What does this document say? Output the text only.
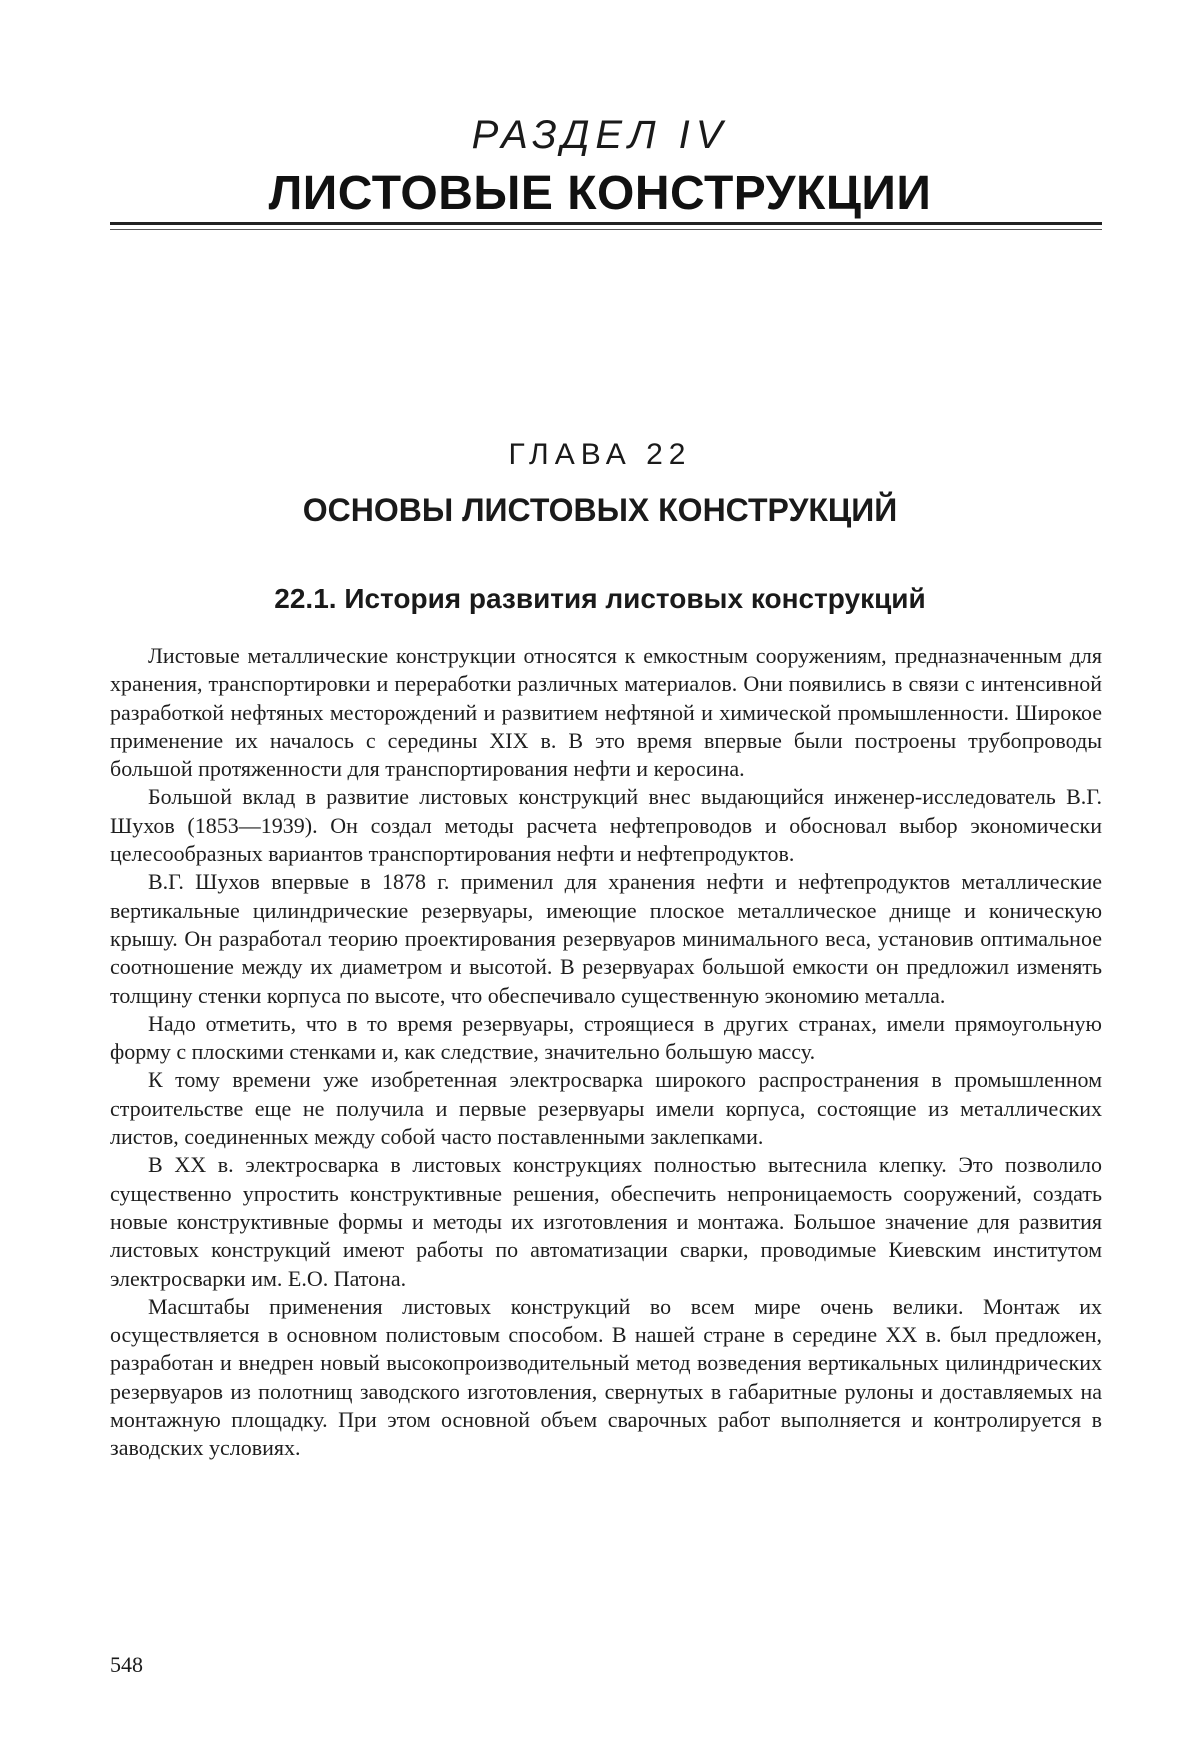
РАЗДЕЛ IV
ЛИСТОВЫЕ КОНСТРУКЦИИ
ГЛАВА 22
ОСНОВЫ ЛИСТОВЫХ КОНСТРУКЦИЙ
22.1. История развития листовых конструкций

Листовые металлические конструкции относятся к емкостным сооружениям, предназначенным для хранения, транспортировки и переработки различных материалов. Они появились в связи с интенсивной разработкой нефтяных месторождений и развитием нефтяной и химической промышленности. Широкое применение их началось с середины XIX в. В это время впервые были построены трубопроводы большой протяженности для транспортирования нефти и керосина.

Большой вклад в развитие листовых конструкций внес выдающийся инженер-исследователь В.Г. Шухов (1853—1939). Он создал методы расчета нефтепроводов и обосновал выбор экономически целесообразных вариантов транспортирования нефти и нефтепродуктов.

В.Г. Шухов впервые в 1878 г. применил для хранения нефти и нефтепродуктов металлические вертикальные цилиндрические резервуары, имеющие плоское металлическое днище и коническую крышу. Он разработал теорию проектирования резервуаров минимального веса, установив оптимальное соотношение между их диаметром и высотой. В резервуарах большой емкости он предложил изменять толщину стенки корпуса по высоте, что обеспечивало существенную экономию металла.

Надо отметить, что в то время резервуары, строящиеся в других странах, имели прямоугольную форму с плоскими стенками и, как следствие, значительно большую массу.

К тому времени уже изобретенная электросварка широкого распространения в промышленном строительстве еще не получила и первые резервуары имели корпуса, состоящие из металлических листов, соединенных между собой часто поставленными заклепками.

В XX в. электросварка в листовых конструкциях полностью вытеснила клепку. Это позволило существенно упростить конструктивные решения, обеспечить непроницаемость сооружений, создать новые конструктивные формы и методы их изготовления и монтажа. Большое значение для развития листовых конструкций имеют работы по автоматизации сварки, проводимые Киевским институтом электросварки им. Е.О. Патона.

Масштабы применения листовых конструкций во всем мире очень велики. Монтаж их осуществляется в основном полистовым способом. В нашей стране в середине XX в. был предложен, разработан и внедрен новый высокопроизводительный метод возведения вертикальных цилиндрических резервуаров из полотнищ заводского изготовления, свернутых в габаритные рулоны и доставляемых на монтажную площадку. При этом основной объем сварочных работ выполняется и контролируется в заводских условиях.

548
